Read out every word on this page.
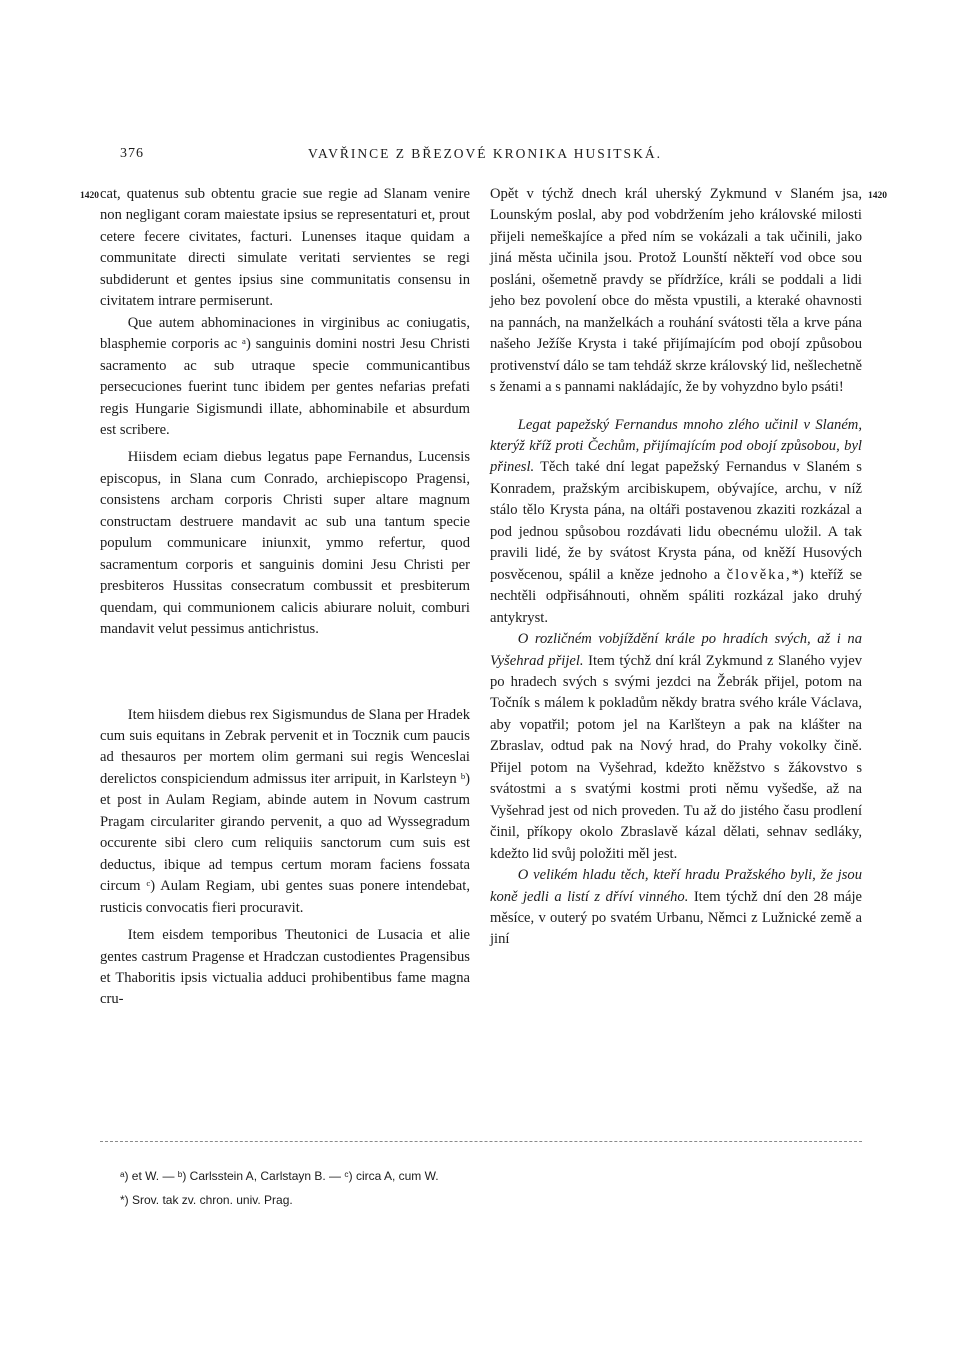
376	VAVŘINCE Z BŘEZOVÉ KRONIKA HUSITSKÁ.
1420	1420

cat, quatenus sub obtentu gracie sue regie ad Slanam venire non negligant coram maiestate ipsius se representaturi et, prout cetere fecere civitates, facturi. Lunenses itaque quidam a communitate directi simulate veritati servientes se regi subdiderunt et gentes ipsius sine communitatis consensu in civitatem intrare permiserunt.

Que autem abhominaciones in virginibus ac coniugatis, blasphemie corporis ac ᵃ) sanguinis domini nostri Jesu Christi sacramento ac sub utraque specie communicantibus persecuciones fuerint tunc ibidem per gentes nefarias prefati regis Hungarie Sigismundi illate, abhominabile et absurdum est scribere.

Hiisdem eciam diebus legatus pape Fernandus, Lucensis episcopus, in Slana cum Conrado, archiepiscopo Pragensi, consistens archam corporis Christi super altare magnum constructam destruere mandavit ac sub una tantum specie populum communicare iniunxit, ymmo refertur, quod sacramentum corporis et sanguinis domini Jesu Christi per presbiteros Hussitas consecratum combussit et presbiterum quendam, qui communionem calicis abiurare noluit, comburi mandavit velut pessimus antichristus.

Item hiisdem diebus rex Sigismundus de Slana per Hradek cum suis equitans in Zebrak pervenit et in Tocznik cum paucis ad thesauros per mortem olim germani sui regis Wenceslai derelictos conspiciendum admissus iter arripuit, in Karlsteyn ᵇ) et post in Aulam Regiam, abinde autem in Novum castrum Pragam circulariter girando pervenit, a quo ad Wyssegradum occurente sibi clero cum reliquiis sanctorum cum suis est deductus, ibique ad tempus certum moram faciens fossata circum ᶜ) Aulam Regiam, ubi gentes suas ponere intendebat, rusticis convocatis fieri procuravit.

Item eisdem temporibus Theutonici de Lusacia et alie gentes castrum Pragense et Hradczan custodientes Pragensibus et Thaboritis ipsis victualia adduci prohibentibus fame magna cru-

Opět v týchž dnech král uherský Zykmund v Slaném jsa, Lounským poslal, aby pod vobdržením jeho královské milosti přijeli nemeškajíce a před ním se vokázali a tak učinili, jako jiná města učinila jsou. Protož Lounští někteří vod obce sou posláni, ošemetně pravdy se přídržíce, králi se poddali a lidi jeho bez povolení obce do města vpustili, a kteraké ohavnosti na pannách, na manželkách a rouhání svátosti těla a krve pána našeho Ježíše Krysta i také přijímajícím pod obojí způsobou protivenství dálo se tam tehdáž skrze královský lid, nešlechetně s ženami a s pannami nakládajíc, že by vohyzdno bylo psáti!

Legat papežský Fernandus mnoho zlého učinil v Slaném, kterýž kříž proti Čechům, přijímajícím pod obojí způsobou, byl přinesl. Těch také dní legat papežský Fernandus v Slaném s Konradem, pražským arcibiskupem, obývajíce, archu, v níž stálo tělo Krysta pána, na oltáři postavenou zkaziti rozkázal a pod jednou spůsobou rozdávati lidu obecnému uložil. A tak pravili lidé, že by svátost Krysta pána, od kněží Husových posvěcenou, spálil a kněze jednoho a člověka,*) kteříž se nechtěli odpřisáhnouti, ohněm spáliti rozkázal jako druhý antykryst.

O rozličném vobjíždění krále po hradích svých, až i na Vyšehrad přijel. Item týchž dní král Zykmund z Slaného vyjev po hradech svých s svými jezdci na Žebrák přijel, potom na Točník s málem k pokladům někdy bratra svého krále Václava, aby vopatřil; potom jel na Karlšteyn a pak na klášter na Zbraslav, odtud pak na Nový hrad, do Prahy vokolky čině. Přijel potom na Vyšehrad, kdežto kněžstvo s žákovstvo s svátostmi a s svatými kostmi proti němu vyšedše, až na Vyšehrad jest od nich proveden. Tu až do jistého času prodlení činil, příkopy okolo Zbraslavě kázal dělati, sehnav sedláky, kdežto lid svůj položiti měl jest.

O velikém hladu těch, kteří hradu Pražského byli, že jsou koně jedli a listí z dříví vinného. Item týchž dní den 28 máje měsíce, v outerý po svatém Urbanu, Němci z Lužnické země a jiní

ᵃ) et W. — ᵇ) Carlsstein A, Carlstayn B. — ᶜ) circa A, cum W.
*) Srov. tak zv. chron. univ. Prag.
